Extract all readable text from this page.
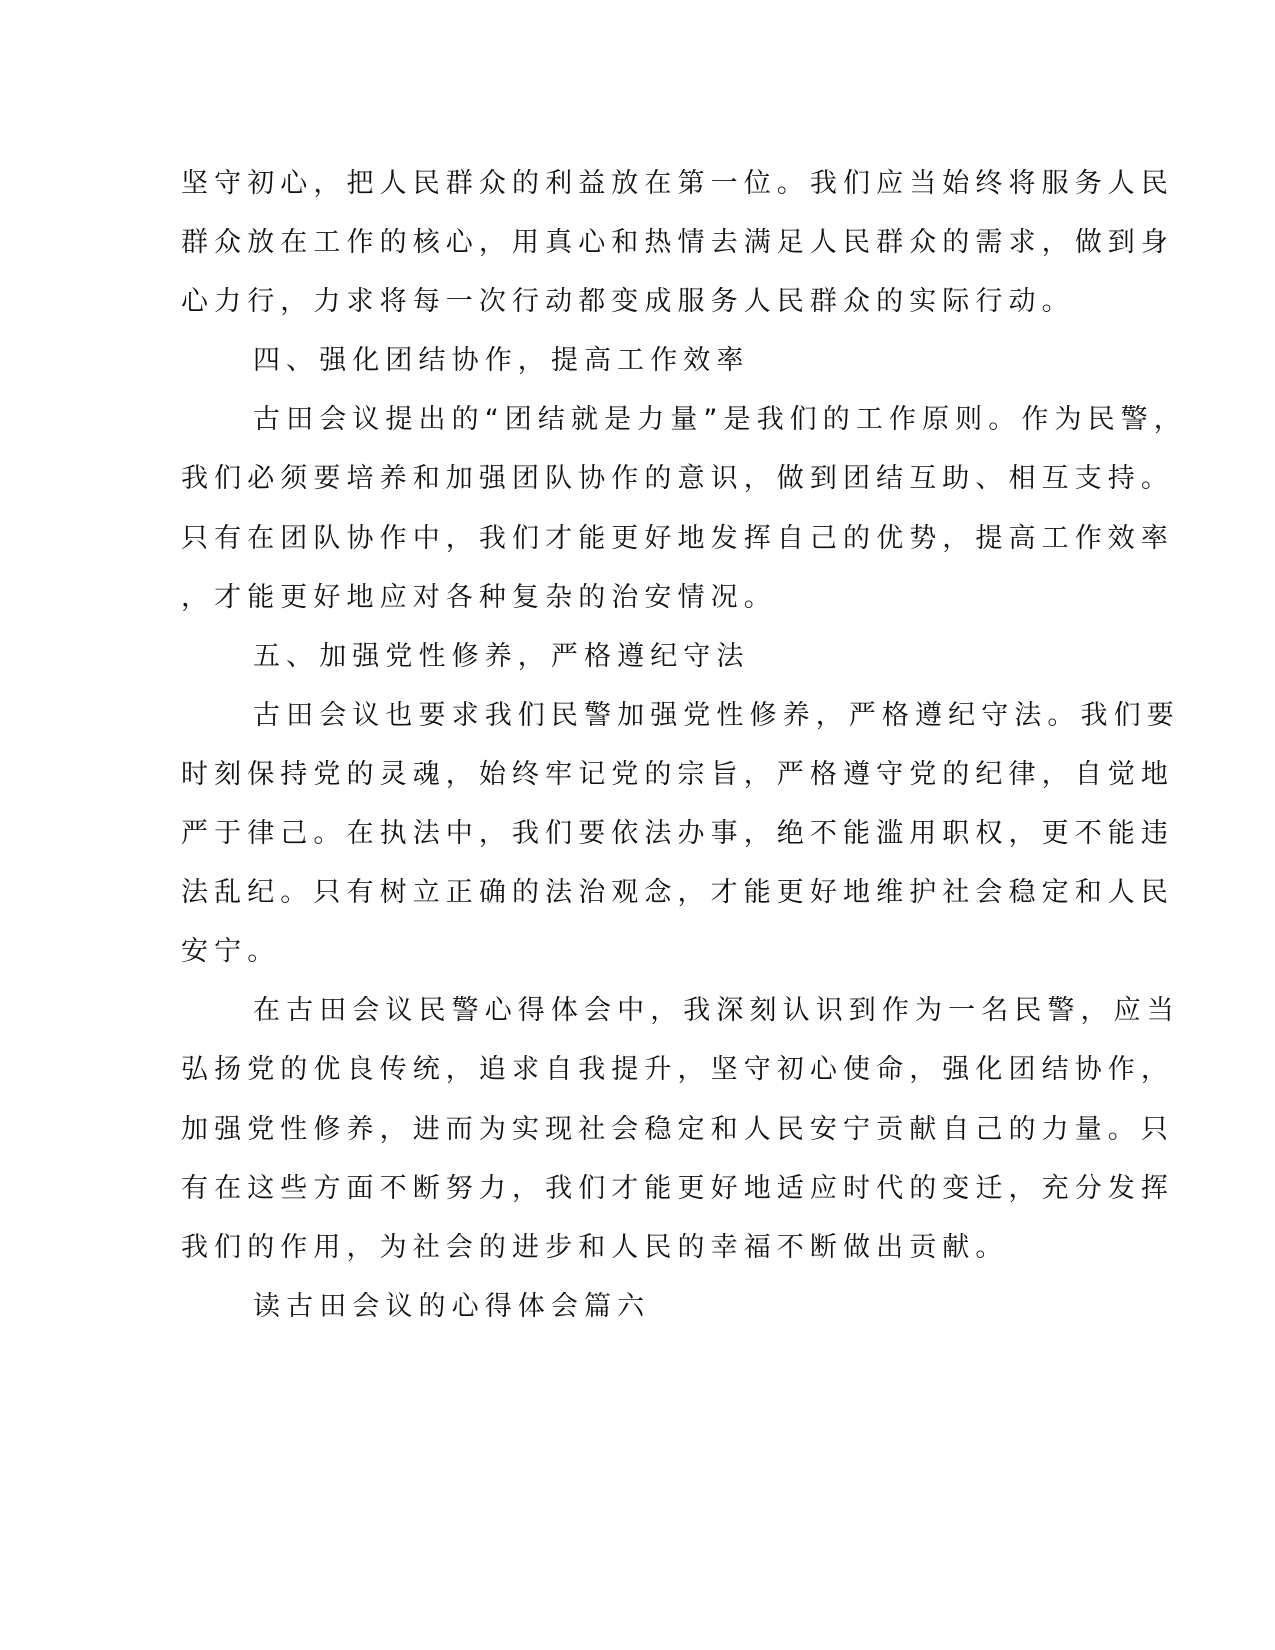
坚守初心，把人民群众的利益放在第一位。我们应当始终将服务人民
群众放在工作的核心，用真心和热情去满足人民群众的需求，做到身
心力行，力求将每一次行动都变成服务人民群众的实际行动。
四、强化团结协作，提高工作效率
古田会议提出的“团结就是力量”是我们的工作原则。作为民警，
我们必须要培养和加强团队协作的意识，做到团结互助、相互支持。
只有在团队协作中，我们才能更好地发挥自己的优势，提高工作效率
，才能更好地应对各种复杂的治安情况。
五、加强党性修养，严格遵纪守法
古田会议也要求我们民警加强党性修养，严格遵纪守法。我们要
时刻保持党的灵魂，始终牢记党的宗旨，严格遵守党的纪律，自觉地
严于律己。在执法中，我们要依法办事，绝不能滥用职权，更不能违
法乱纪。只有树立正确的法治观念，才能更好地维护社会稳定和人民
安宁。
在古田会议民警心得体会中，我深刻认识到作为一名民警，应当
弘扬党的优良传统，追求自我提升，坚守初心使命，强化团结协作，
加强党性修养，进而为实现社会稳定和人民安宁贡献自己的力量。只
有在这些方面不断努力，我们才能更好地适应时代的变迁，充分发挥
我们的作用，为社会的进步和人民的幸福不断做出贡献。
读古田会议的心得体会篇六
